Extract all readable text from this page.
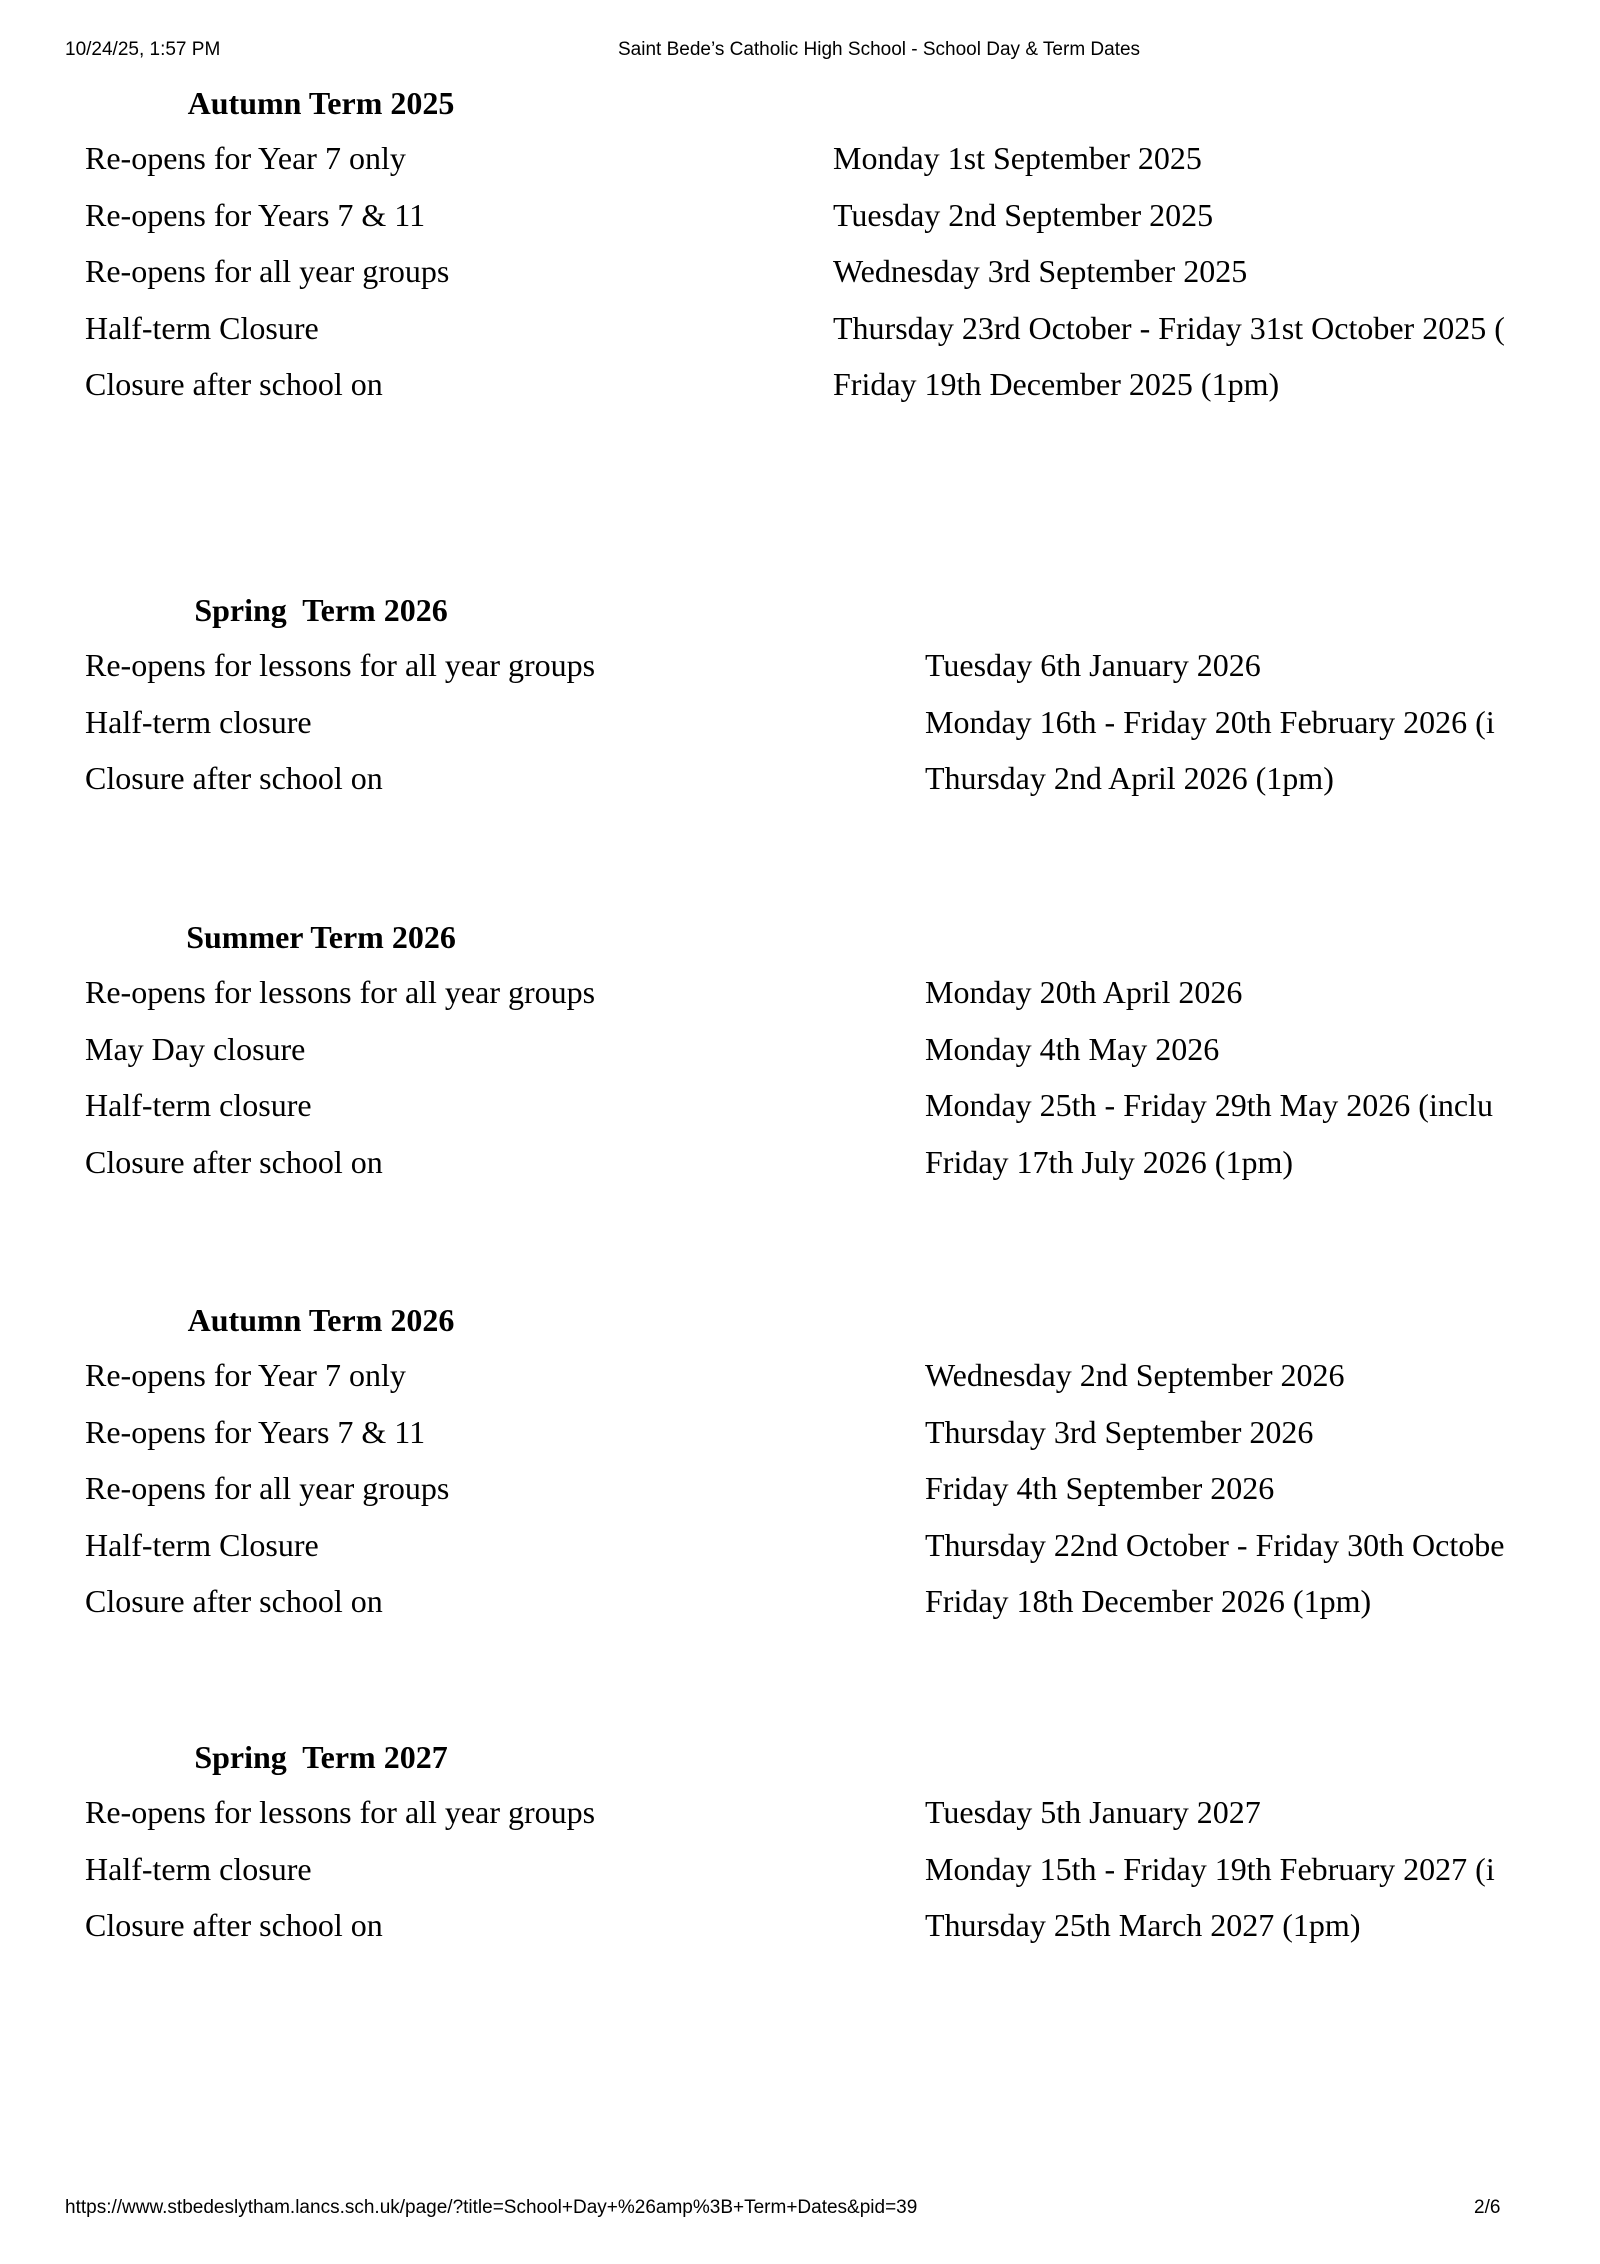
10/24/25, 1:57 PM	Saint Bede’s Catholic High School - School Day & Term Dates
Autumn Term 2025
Re-opens for Year 7 only	Monday 1st September 2025
Re-opens for Years 7 & 11	Tuesday 2nd September 2025
Re-opens for all year groups	Wednesday 3rd September 2025
Half-term Closure	Thursday 23rd October - Friday 31st October 2025 (
Closure after school on	Friday 19th December 2025 (1pm)
Spring  Term 2026
Re-opens for lessons for all year groups	Tuesday 6th January 2026
Half-term closure	Monday 16th - Friday 20th February 2026 (i
Closure after school on	Thursday 2nd April 2026 (1pm)
Summer Term 2026
Re-opens for lessons for all year groups	Monday 20th April 2026
May Day closure	Monday 4th May 2026
Half-term closure	Monday 25th - Friday 29th May 2026 (inclu
Closure after school on	Friday 17th July 2026 (1pm)
Autumn Term 2026
Re-opens for Year 7 only	Wednesday 2nd September 2026
Re-opens for Years 7 & 11	Thursday 3rd September 2026
Re-opens for all year groups	Friday 4th September 2026
Half-term Closure	Thursday 22nd October - Friday 30th Octobe
Closure after school on	Friday 18th December 2026 (1pm)
Spring  Term 2027
Re-opens for lessons for all year groups	Tuesday 5th January 2027
Half-term closure	Monday 15th - Friday 19th February 2027 (i
Closure after school on	Thursday 25th March 2027 (1pm)
https://www.stbedeslytham.lancs.sch.uk/page/?title=School+Day+%26amp%3B+Term+Dates&pid=39	2/6
